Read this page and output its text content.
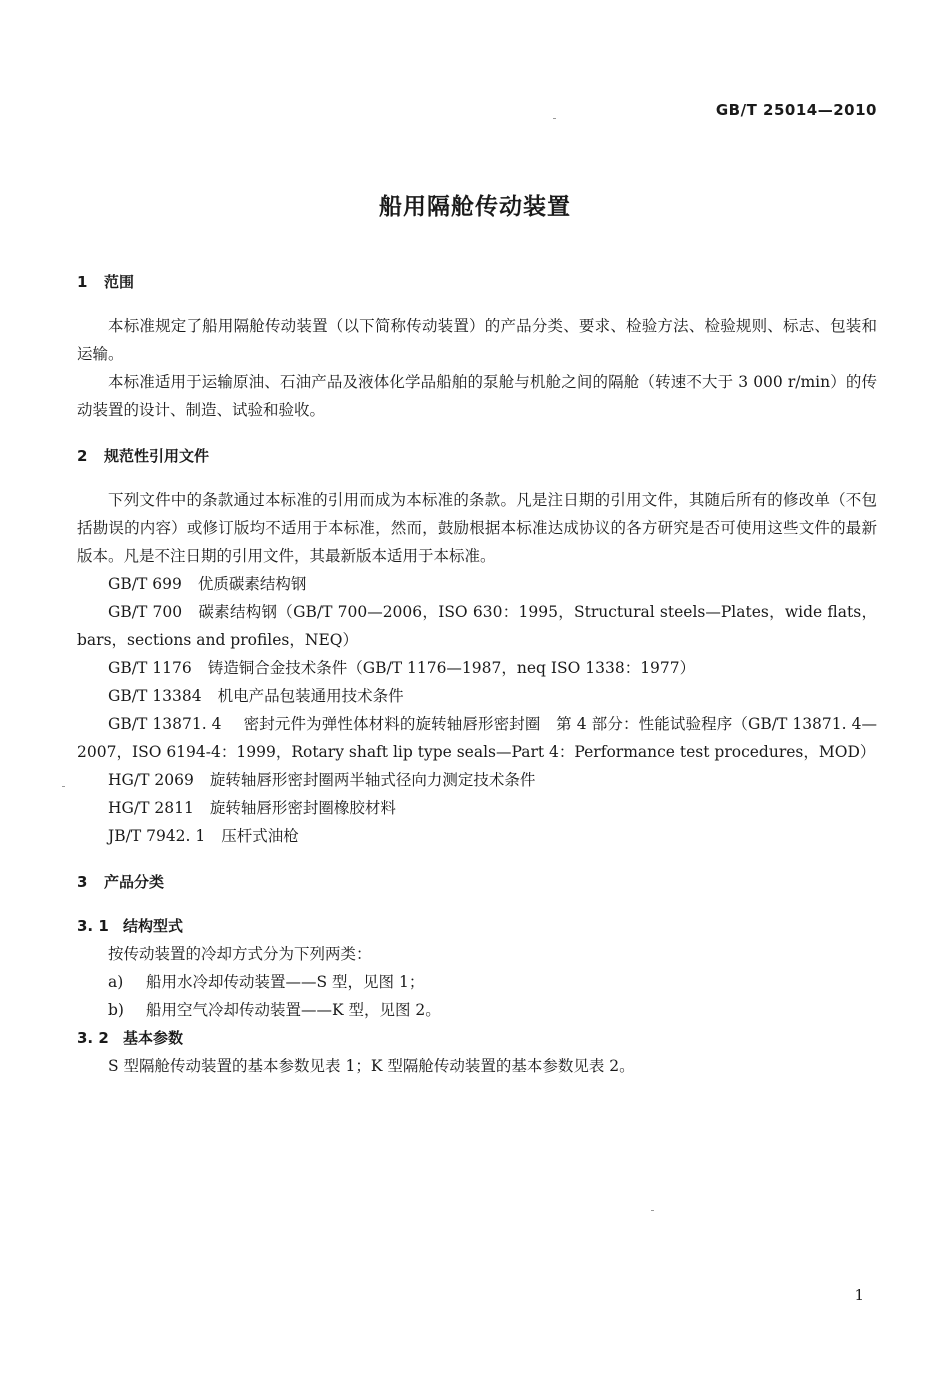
GB/T 25014—2010
船用隔舱传动装置
1	范围
本标准规定了船用隔舱传动装置（以下简称传动装置）的产品分类、要求、检验方法、检验规则、标志、包装和运输。
本标准适用于运输原油、石油产品及液体化学品船舶的泵舱与机舱之间的隔舱（转速不大于 3 000 r/min）的传动装置的设计、制造、试验和验收。
2	规范性引用文件
下列文件中的条款通过本标准的引用而成为本标准的条款。凡是注日期的引用文件，其随后所有的修改单（不包括勘误的内容）或修订版均不适用于本标准，然而，鼓励根据本标准达成协议的各方研究是否可使用这些文件的最新版本。凡是不注日期的引用文件，其最新版本适用于本标准。
GB/T 699 优质碳素结构钢
GB/T 700 碳素结构钢（GB/T 700—2006，ISO 630：1995，Structural steels—Plates，wide flats，bars，sections and profiles，NEQ）
GB/T 1176 铸造铜合金技术条件（GB/T 1176—1987，neq ISO 1338：1977）
GB/T 13384 机电产品包装通用技术条件
GB/T 13871. 4 密封元件为弹性体材料的旋转轴唇形密封圈　第 4 部分：性能试验程序（GB/T 13871. 4—2007，ISO 6194-4：1999，Rotary shaft lip type seals—Part 4：Performance test procedures，MOD）
HG/T 2069 旋转轴唇形密封圈两半轴式径向力测定技术条件
HG/T 2811 旋转轴唇形密封圈橡胶材料
JB/T 7942. 1 压杆式油枪
3	产品分类
3. 1 结构型式
按传动装置的冷却方式分为下列两类：
a) 船用水冷却传动装置——S 型，见图 1；
b) 船用空气冷却传动装置——K 型，见图 2。
3. 2 基本参数
S 型隔舱传动装置的基本参数见表 1；K 型隔舱传动装置的基本参数见表 2。
1
